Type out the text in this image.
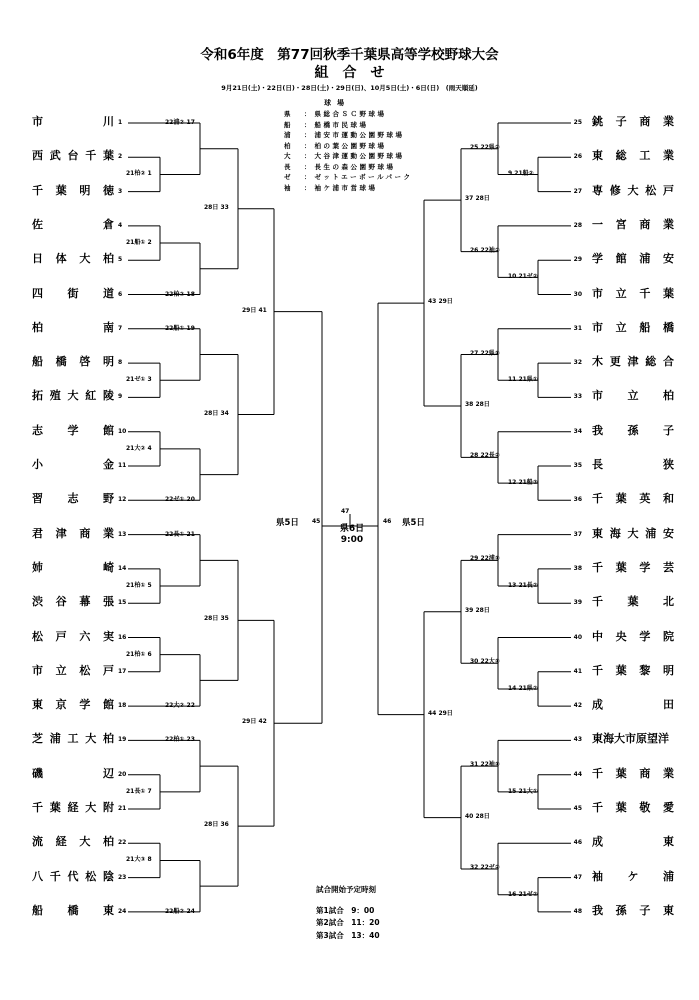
令和6年度　第77回秋季千葉県高等学校野球大会
組合せ
9月21日(土)・22日(日)・28日(土)・29日(日)、10月5日(土)・6日(日)　(雨天順延)
球場
県 ： 県総合ＳＣ野球場
船 ： 船橋市民球場
浦 ： 浦安市運動公園野球場
柏 ： 柏の葉公園野球場
大 ： 大谷津運動公園野球場
長 ： 長生の森公園野球場
ゼ ： ゼットエーボールパーク
袖 ： 袖ケ浦市営球場
市	川 1
西 武 台 千 葉 2
千 葉 明 徳 3
佐	倉 4
日 体 大 柏 5
四 街 道 6
柏	南 7
船 橋 啓 明 8
拓 殖 大 紅 陵 9
志 学 館 10
小	金 11
習 志 野 12
君 津 商 業 13
姉	崎 14
渋 谷 幕 張 15
松 戸 六 実 16
市 立 松 戸 17
東 京 学 館 18
芝 浦 工 大 柏 19
磯	辺 20
千 葉 経 大 附 21
流 経 大 柏 22
八 千 代 松 陰 23
船 橋 東 24
銚 子 商 業
25
東 総 工 業
26
専 修 大 松 戸
27
一 宮 商 業
28
学 館 浦 安
29
市 立 千 葉
30
市 立 船 橋
31
木 更 津 総 合
32
市 立 柏
33
我 孫 子
34
長	狭
35
千 葉 英 和
36
東 海 大 浦 安
37
千 葉 学 芸
38
千 葉 北
39
中 央 学 院
40
千 葉 黎 明
41
成	田
42
東海大市原望洋
43
千 葉 商 業
44
千 葉 敬 愛
45
成	東
46
袖 ケ 浦
47
我 孫 子 東
48
21柏② 1
22浦② 17
21船① 2
22柏② 18
21ゼ① 3
22船① 19
21大② 4
22ゼ① 20
21柏① 5
22長① 21
21柏① 6
22大② 22
21長① 7
22柏① 23
21大③ 8
22船② 24
28日 33
28日 34
28日 35
28日 36
29日 41
29日 42
9 21船②
25 22県②
10 21ゼ②
26 22袖②
11 21県①
27 22県①
12 21船③
28 22長②
13 21長②
29 22浦①
14 21県②
30 22大①
15 21大①
31 22袖①
16 21ゼ②
32 22ゼ②
37 28日
38 28日
39 28日
40 28日
43 29日
44 29日
県5日 45	46 県5日
47
県6日
9:00
試合開始予定時刻
第1試合　9：00
第2試合　11：20
第3試合　13：40
